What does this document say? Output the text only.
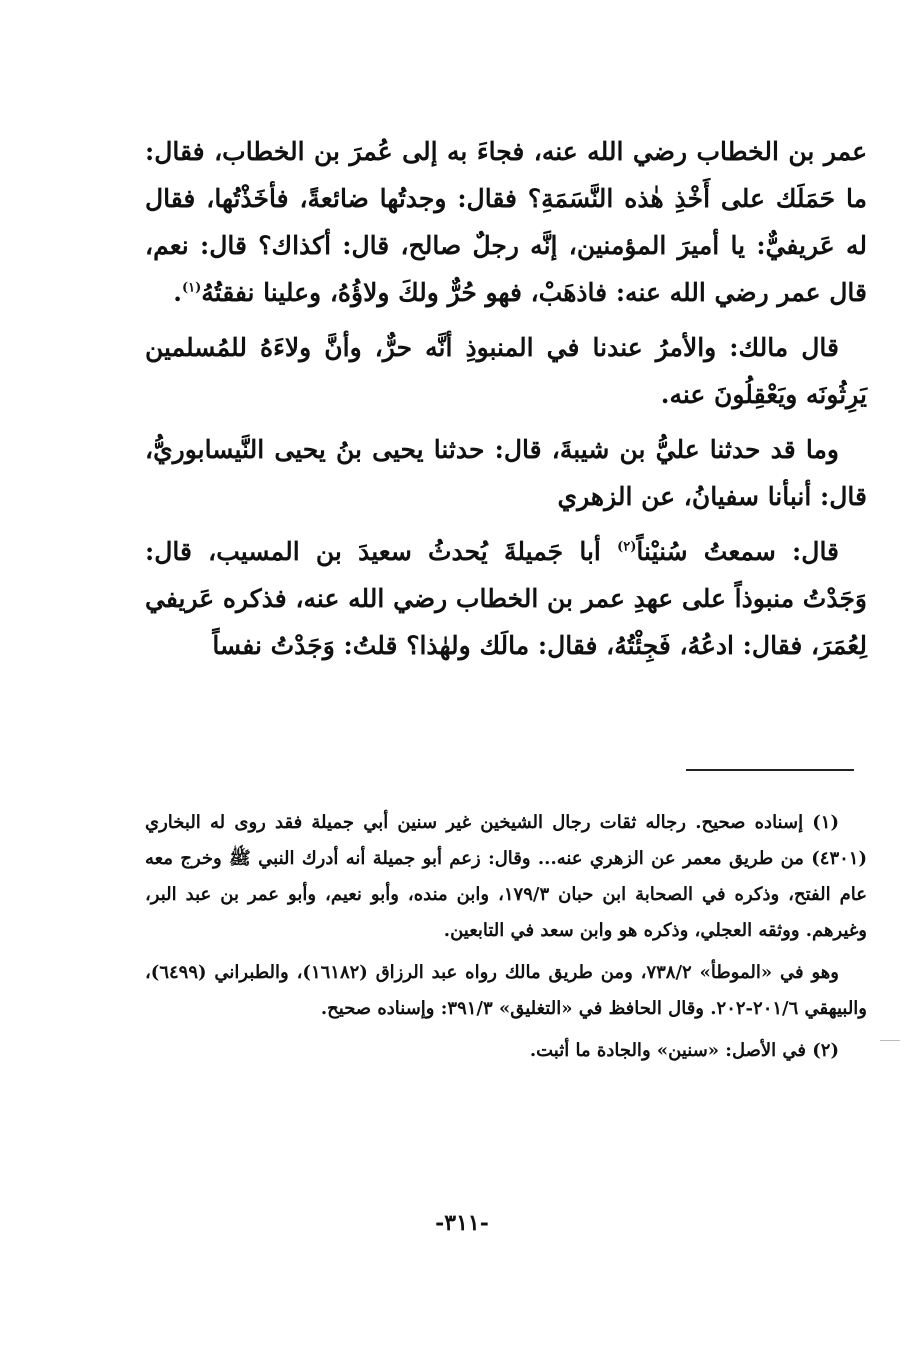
عمر بن الخطاب رضي الله عنه، فجاءَ به إلى عُمرَ بن الخطاب، فقال: ما حَمَلَك على أَخْذِ هٰذه النَّسَمَةِ؟ فقال: وجدتُها ضائعةً، فأخَذْتُها، فقال له عَريفيٌّ: يا أميرَ المؤمنين، إنَّه رجلٌ صالح، قال: أكذاك؟ قال: نعم، قال عمر رضي الله عنه: فاذهَبْ، فهو حُرٌّ ولكَ ولاؤُهُ، وعلينا نفقتُهُ$^{(١)}$.

قال مالك: والأمرُ عندنا في المنبوذِ أنَّه حرٌّ، وأنَّ ولاءَهُ للمُسلمين يَرِثُونَه ويَعْقِلُونَ عنه.

وما قد حدثنا عليُّ بن شيبةَ، قال: حدثنا يحيى بنُ يحيى النَّيسابوريُّ، قال: أنبأنا سفيانُ، عن الزهري

قال: سمعتُ سُنيْناً$^{(٢)}$ أبا جَميلةَ يُحدثُ سعيدَ بن المسيب، قال: وَجَدْتُ منبوذاً على عهدِ عمر بن الخطاب رضي الله عنه، فذكره عَريفي لِعُمَرَ، فقال: ادعُهُ، فَجِئْتُهُ، فقال: مالَك ولهٰذا؟ قلتُ: وَجَدْتُ نفساً

(١) إسناده صحيح. رجاله ثقات رجال الشيخين غير سنين أبي جميلة فقد روى له البخاري (٤٣٠١) من طريق معمر عن الزهري عنه... وقال: زعم أبو جميلة أنه أدرك النبي ﷺ وخرج معه عام الفتح، وذكره في الصحابة ابن حبان ١٧٩/٣، وابن منده، وأبو نعيم، وأبو عمر بن عبد البر، وغيرهم. ووثقه العجلي، وذكره هو وابن سعد في التابعين.

وهو في «الموطأ» ٧٣٨/٢، ومن طريق مالك رواه عبد الرزاق (١٦١٨٢)، والطبراني (٦٤٩٩)، والبيهقي ٢٠١/٦-٢٠٢. وقال الحافظ في «التغليق» ٣٩١/٣: وإسناده صحيح.

(٢) في الأصل: «سنين» والجادة ما أثبت.

-٣١١-
